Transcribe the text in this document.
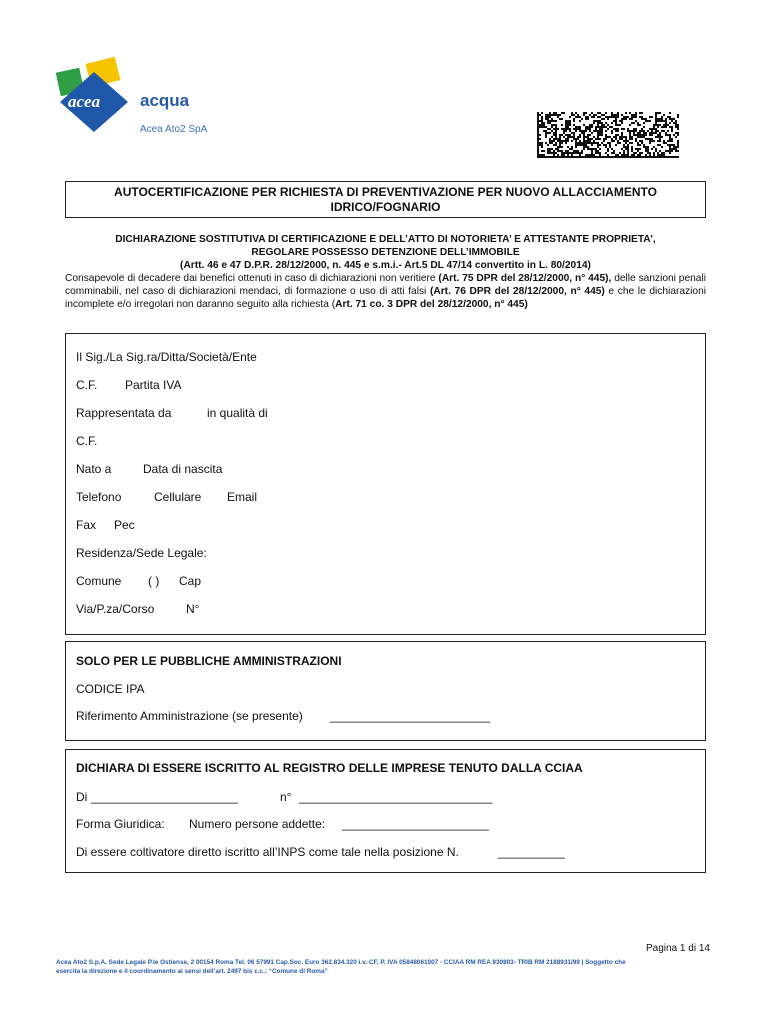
acea acqua
Acea Ato2 SpA
AUTOCERTIFICAZIONE PER RICHIESTA DI PREVENTIVAZIONE PER NUOVO ALLACCIAMENTO
IDRICO/FOGNARIO
DICHIARAZIONE SOSTITUTIVA DI CERTIFICAZIONE E DELL’ATTO DI NOTORIETA’ E ATTESTANTE PROPRIETA’,
REGOLARE POSSESSO DETENZIONE DELL’IMMOBILE
(Artt. 46 e 47 D.P.R. 28/12/2000, n. 445 e s.m.i.- Art.5 DL 47/14 convertito in L. 80/2014)

Consapevole di decadere dai benefici ottenuti in caso di dichiarazioni non veritiere (Art. 75 DPR del 28/12/2000, n° 445), delle sanzioni penali comminabili, nel caso di dichiarazioni mendaci, di formazione o uso di atti falsi (Art. 76 DPR del 28/12/2000, n° 445) e che le dichiarazioni incomplete e/o irregolari non daranno seguito alla richiesta (Art. 71 co. 3 DPR del 28/12/2000, n° 445)

Il Sig./La Sig.ra/Ditta/Società/Ente
C.F. Partita IVA
Rappresentata da	in qualità di
C.F.
Nato a	Data di nascita
Telefono	Cellulare Email
Fax Pec
Residenza/Sede Legale:
Comune ( ) Cap
Via/P.za/Corso	N°
SOLO PER LE PUBBLICHE AMMINISTRAZIONI
CODICE IPA
Riferimento Amministrazione (se presente) ________________________
DICHIARA DI ESSERE ISCRITTO AL REGISTRO DELLE IMPRESE TENUTO DALLA CCIAA
Di ______________________	n° _____________________________
Forma Giuridica: Numero persone addette: ______________________
Di essere coltivatore diretto iscritto all’INPS come tale nella posizione N.	__________
Pagina 1 di 14
Acea Ato2 S.p.A. Sede Legale P.le Ostiense, 2 00154 Roma Tel. 06 57991 Cap.Soc. Euro 362.834.320 i.v.-CF, P. IVA 05848061007 - CCIAA RM REA 930803- TRIB RM 2188931/99 | Soggetto che
esercita la direzione e il coordinamento ai sensi dell’art. 2497 bis c.c.: “Comune di Roma”
